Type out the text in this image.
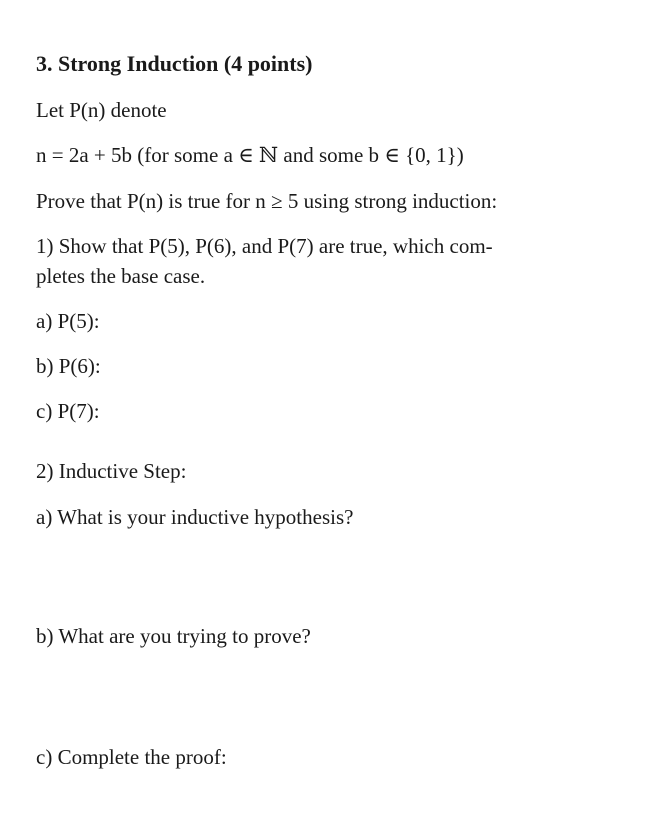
3. Strong Induction (4 points)
Let P(n) denote
n = 2a + 5b (for some a ∈ ℕ and some b ∈ {0, 1})
Prove that P(n) is true for n ≥ 5 using strong induction:
1) Show that P(5), P(6), and P(7) are true, which com-
pletes the base case.
a) P(5):
b) P(6):
c) P(7):
2) Inductive Step:
a) What is your inductive hypothesis?
b) What are you trying to prove?
c) Complete the proof:
